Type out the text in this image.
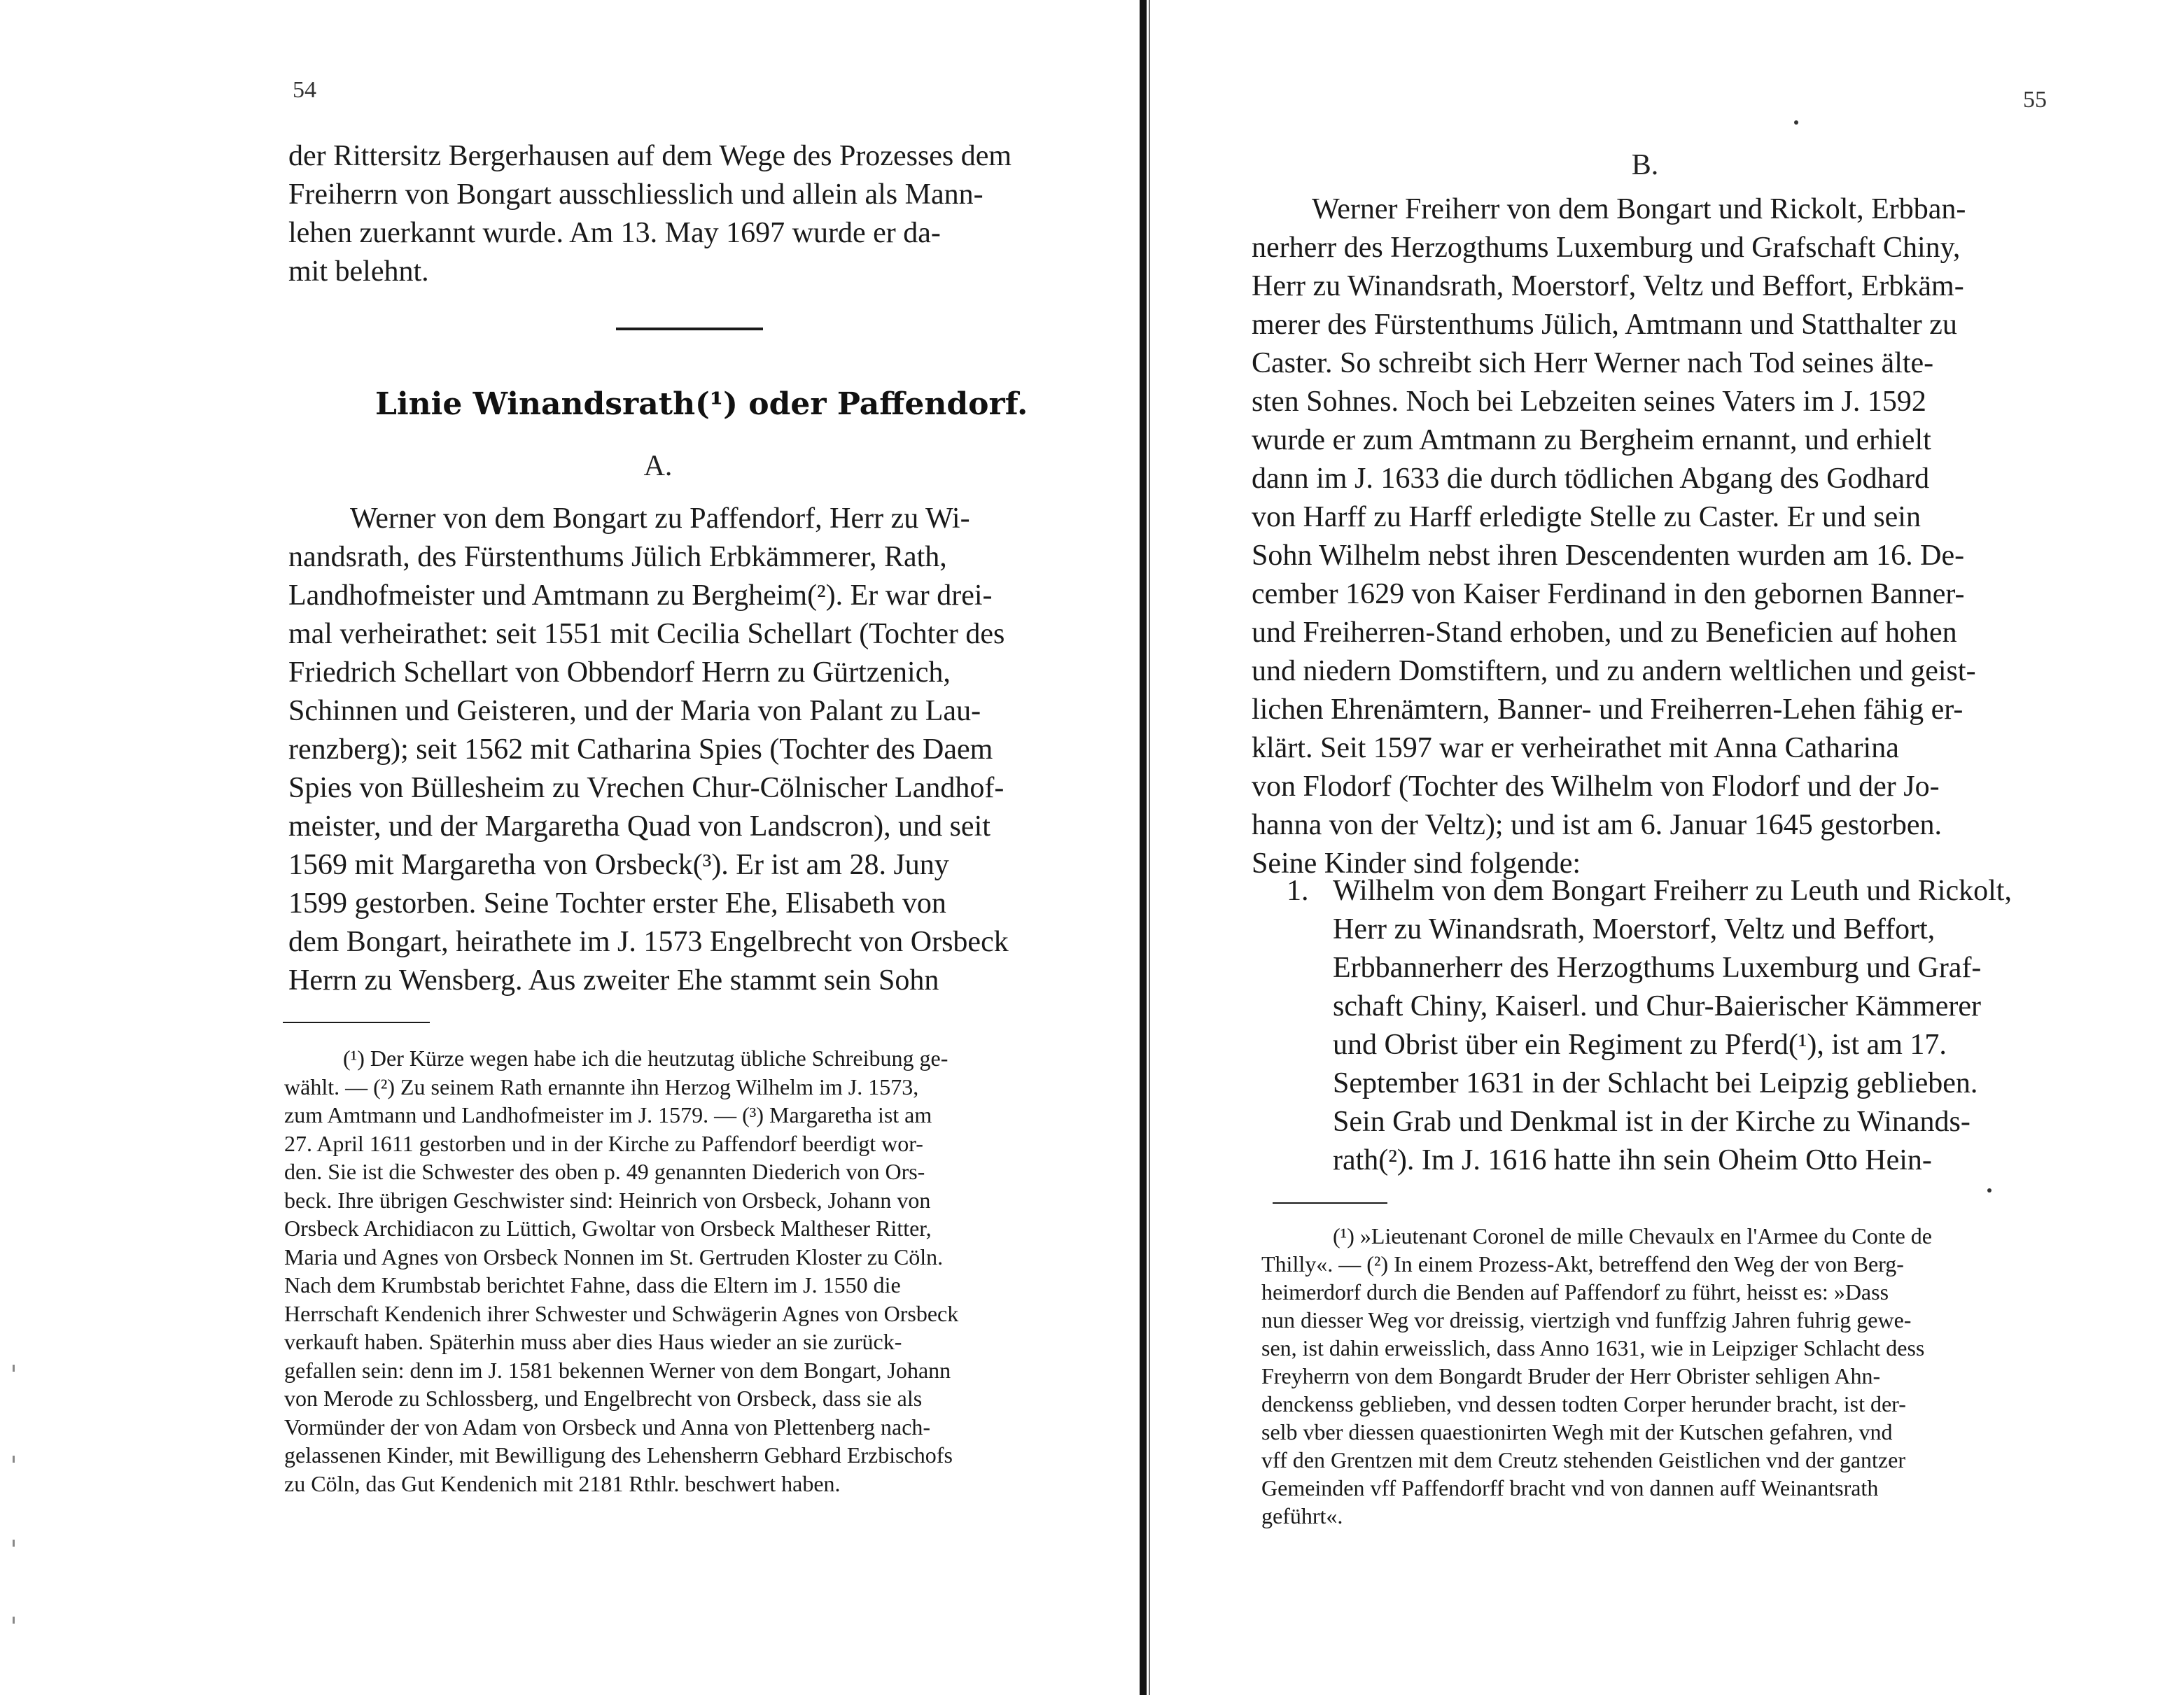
54
der Rittersitz Bergerhausen auf dem Wege des Prozesses dem
Freiherrn von Bongart ausschliesslich und allein als Mann-
lehen zuerkannt wurde. Am 13. May 1697 wurde er da-
mit belehnt.
Linie Winandsrath(¹) oder Paffendorf.
A.
Werner von dem Bongart zu Paffendorf, Herr zu Wi-
nandsrath, des Fürstenthums Jülich Erbkämmerer, Rath,
Landhofmeister und Amtmann zu Bergheim(²). Er war drei-
mal verheirathet: seit 1551 mit Cecilia Schellart (Tochter des
Friedrich Schellart von Obbendorf Herrn zu Gürtzenich,
Schinnen und Geisteren, und der Maria von Palant zu Lau-
renzberg); seit 1562 mit Catharina Spies (Tochter des Daem
Spies von Büllesheim zu Vrechen Chur-Cölnischer Landhof-
meister, und der Margaretha Quad von Landscron), und seit
1569 mit Margaretha von Orsbeck(³). Er ist am 28. Juny
1599 gestorben. Seine Tochter erster Ehe, Elisabeth von
dem Bongart, heirathete im J. 1573 Engelbrecht von Orsbeck
Herrn zu Wensberg. Aus zweiter Ehe stammt sein Sohn
(¹) Der Kürze wegen habe ich die heutzutag übliche Schreibung ge-
wählt. — (²) Zu seinem Rath ernannte ihn Herzog Wilhelm im J. 1573,
zum Amtmann und Landhofmeister im J. 1579. — (³) Margaretha ist am
27. April 1611 gestorben und in der Kirche zu Paffendorf beerdigt wor-
den. Sie ist die Schwester des oben p. 49 genannten Diederich von Ors-
beck. Ihre übrigen Geschwister sind: Heinrich von Orsbeck, Johann von
Orsbeck Archidiacon zu Lüttich, Gwoltar von Orsbeck Maltheser Ritter,
Maria und Agnes von Orsbeck Nonnen im St. Gertruden Kloster zu Cöln.
Nach dem Krumbstab berichtet Fahne, dass die Eltern im J. 1550 die
Herrschaft Kendenich ihrer Schwester und Schwägerin Agnes von Orsbeck
verkauft haben. Späterhin muss aber dies Haus wieder an sie zurück-
gefallen sein: denn im J. 1581 bekennen Werner von dem Bongart, Johann
von Merode zu Schlossberg, und Engelbrecht von Orsbeck, dass sie als
Vormünder der von Adam von Orsbeck und Anna von Plettenberg nach-
gelassenen Kinder, mit Bewilligung des Lehensherrn Gebhard Erzbischofs
zu Cöln, das Gut Kendenich mit 2181 Rthlr. beschwert haben.
55
B.
Werner Freiherr von dem Bongart und Rickolt, Erbban-
nerherr des Herzogthums Luxemburg und Grafschaft Chiny,
Herr zu Winandsrath, Moerstorf, Veltz und Beffort, Erbkäm-
merer des Fürstenthums Jülich, Amtmann und Statthalter zu
Caster. So schreibt sich Herr Werner nach Tod seines älte-
sten Sohnes. Noch bei Lebzeiten seines Vaters im J. 1592
wurde er zum Amtmann zu Bergheim ernannt, und erhielt
dann im J. 1633 die durch tödlichen Abgang des Godhard
von Harff zu Harff erledigte Stelle zu Caster. Er und sein
Sohn Wilhelm nebst ihren Descendenten wurden am 16. De-
cember 1629 von Kaiser Ferdinand in den gebornen Banner-
und Freiherren-Stand erhoben, und zu Beneficien auf hohen
und niedern Domstiftern, und zu andern weltlichen und geist-
lichen Ehrenämtern, Banner- und Freiherren-Lehen fähig er-
klärt. Seit 1597 war er verheirathet mit Anna Catharina
von Flodorf (Tochter des Wilhelm von Flodorf und der Jo-
hanna von der Veltz); und ist am 6. Januar 1645 gestorben.
Seine Kinder sind folgende:
1. Wilhelm von dem Bongart Freiherr zu Leuth und Rickolt,
Herr zu Winandsrath, Moerstorf, Veltz und Beffort,
Erbbannerherr des Herzogthums Luxemburg und Graf-
schaft Chiny, Kaiserl. und Chur-Baierischer Kämmerer
und Obrist über ein Regiment zu Pferd(¹), ist am 17.
September 1631 in der Schlacht bei Leipzig geblieben.
Sein Grab und Denkmal ist in der Kirche zu Winands-
rath(²). Im J. 1616 hatte ihn sein Oheim Otto Hein-
(¹) »Lieutenant Coronel de mille Chevaulx en l'Armee du Conte de
Thilly«. — (²) In einem Prozess-Akt, betreffend den Weg der von Berg-
heimerdorf durch die Benden auf Paffendorf zu führt, heisst es: »Dass
nun diesser Weg vor dreissig, viertzigh vnd funffzig Jahren fuhrig gewe-
sen, ist dahin erweisslich, dass Anno 1631, wie in Leipziger Schlacht dess
Freyherrn von dem Bongardt Bruder der Herr Obrister sehligen Ahn-
denckenss geblieben, vnd dessen todten Corper herunder bracht, ist der-
selb vber diessen quaestionirten Wegh mit der Kutschen gefahren, vnd
vff den Grentzen mit dem Creutz stehenden Geistlichen vnd der gantzer
Gemeinden vff Paffendorff bracht vnd von dannen auff Weinantsrath
geführt«.
